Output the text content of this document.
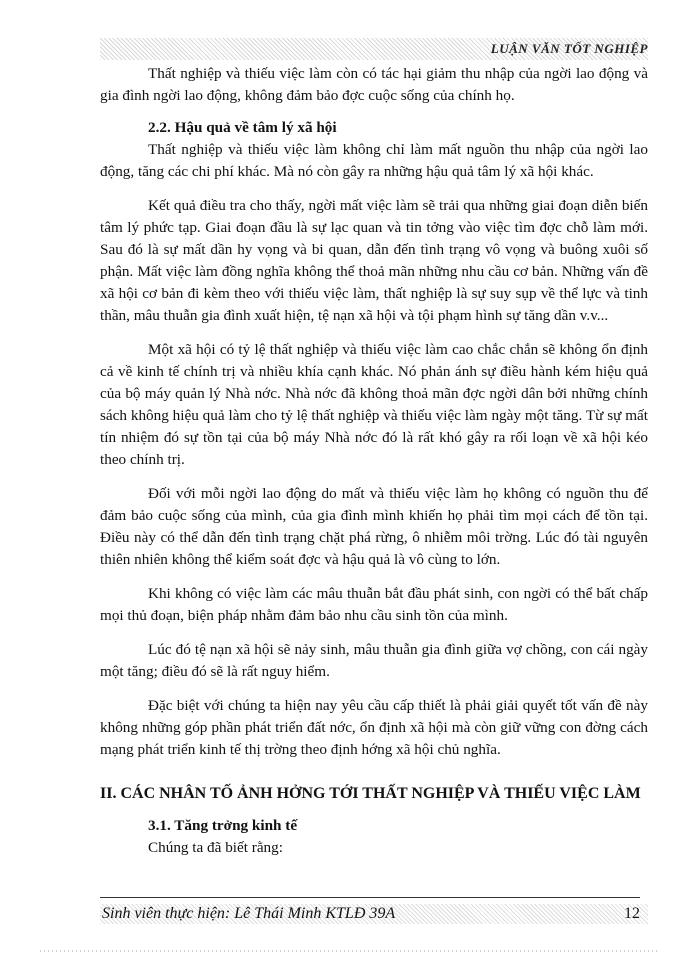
LUẬN VĂN TỐT NGHIỆP

Thất nghiệp và thiếu việc làm còn có tác hại giảm thu nhập của ngời lao động và gia đình ngời lao động, không đảm bảo đợc cuộc sống của chính họ.

2.2. Hậu quả về tâm lý xã hội

Thất nghiệp và thiếu việc làm không chỉ làm mất nguồn thu nhập của ngời lao động, tăng các chi phí khác. Mà nó còn gây ra những hậu quả tâm lý xã hội khác.

Kết quả điều tra cho thấy, ngời mất việc làm sẽ trải qua những giai đoạn diễn biến tâm lý phức tạp. Giai đoạn đầu là sự lạc quan và tin tởng vào việc tìm đợc chỗ làm mới. Sau đó là sự mất dần hy vọng và bi quan, dẫn đến tình trạng vô vọng và buông xuôi số phận. Mất việc làm đồng nghĩa không thể thoả mãn những nhu cầu cơ bản. Những vấn đề xã hội cơ bản đi kèm theo với thiếu việc làm, thất nghiệp là sự suy sụp về thể lực và tinh thần, mâu thuẫn gia đình xuất hiện, tệ nạn xã hội và tội phạm hình sự tăng dần v.v...

Một xã hội có tỷ lệ thất nghiệp và thiếu việc làm cao chắc chắn sẽ không ổn định cả về kinh tế chính trị và nhiều khía cạnh khác. Nó phản ánh sự điều hành kém hiệu quả của bộ máy quản lý Nhà nớc. Nhà nớc đã không thoả mãn đợc ngời dân bởi những chính sách không hiệu quả làm cho tỷ lệ thất nghiệp và thiếu việc làm ngày một tăng. Từ sự mất tín nhiệm đó sự tồn tại của bộ máy Nhà nớc đó là rất khó gây ra rối loạn về xã hội kéo theo chính trị.

Đối với mỗi ngời lao động do mất và thiếu việc làm họ không có nguồn thu để đảm bảo cuộc sống của mình, của gia đình mình khiến họ phải tìm mọi cách để tồn tại. Điều này có thể dẫn đến tình trạng chặt phá rừng, ô nhiễm môi trờng. Lúc đó tài nguyên thiên nhiên không thể kiểm soát đợc và hậu quả là vô cùng to lớn.

Khi không có việc làm các mâu thuẫn bắt đầu phát sinh, con ngời có thể bất chấp mọi thủ đoạn, biện pháp nhằm đảm bảo nhu cầu sinh tồn của mình.

Lúc đó tệ nạn xã hội sẽ nảy sinh, mâu thuẫn gia đình giữa vợ chồng, con cái ngày một tăng; điều đó sẽ là rất nguy hiểm.

Đặc biệt với chúng ta hiện nay yêu cầu cấp thiết là phải giải quyết tốt vấn đề này không những góp phần phát triển đất nớc, ổn định xã hội mà còn giữ vững con đờng cách mạng phát triển kinh tế thị trờng theo định hớng xã hội chủ nghĩa.

II. CÁC NHÂN TỐ ẢNH HỞNG TỚI THẤT NGHIỆP VÀ THIẾU VIỆC LÀM
3.1. Tăng trởng kinh tế

Chúng ta đã biết rằng:

Sinh viên thực hiện: Lê Thái Minh KTLĐ 39A	12
